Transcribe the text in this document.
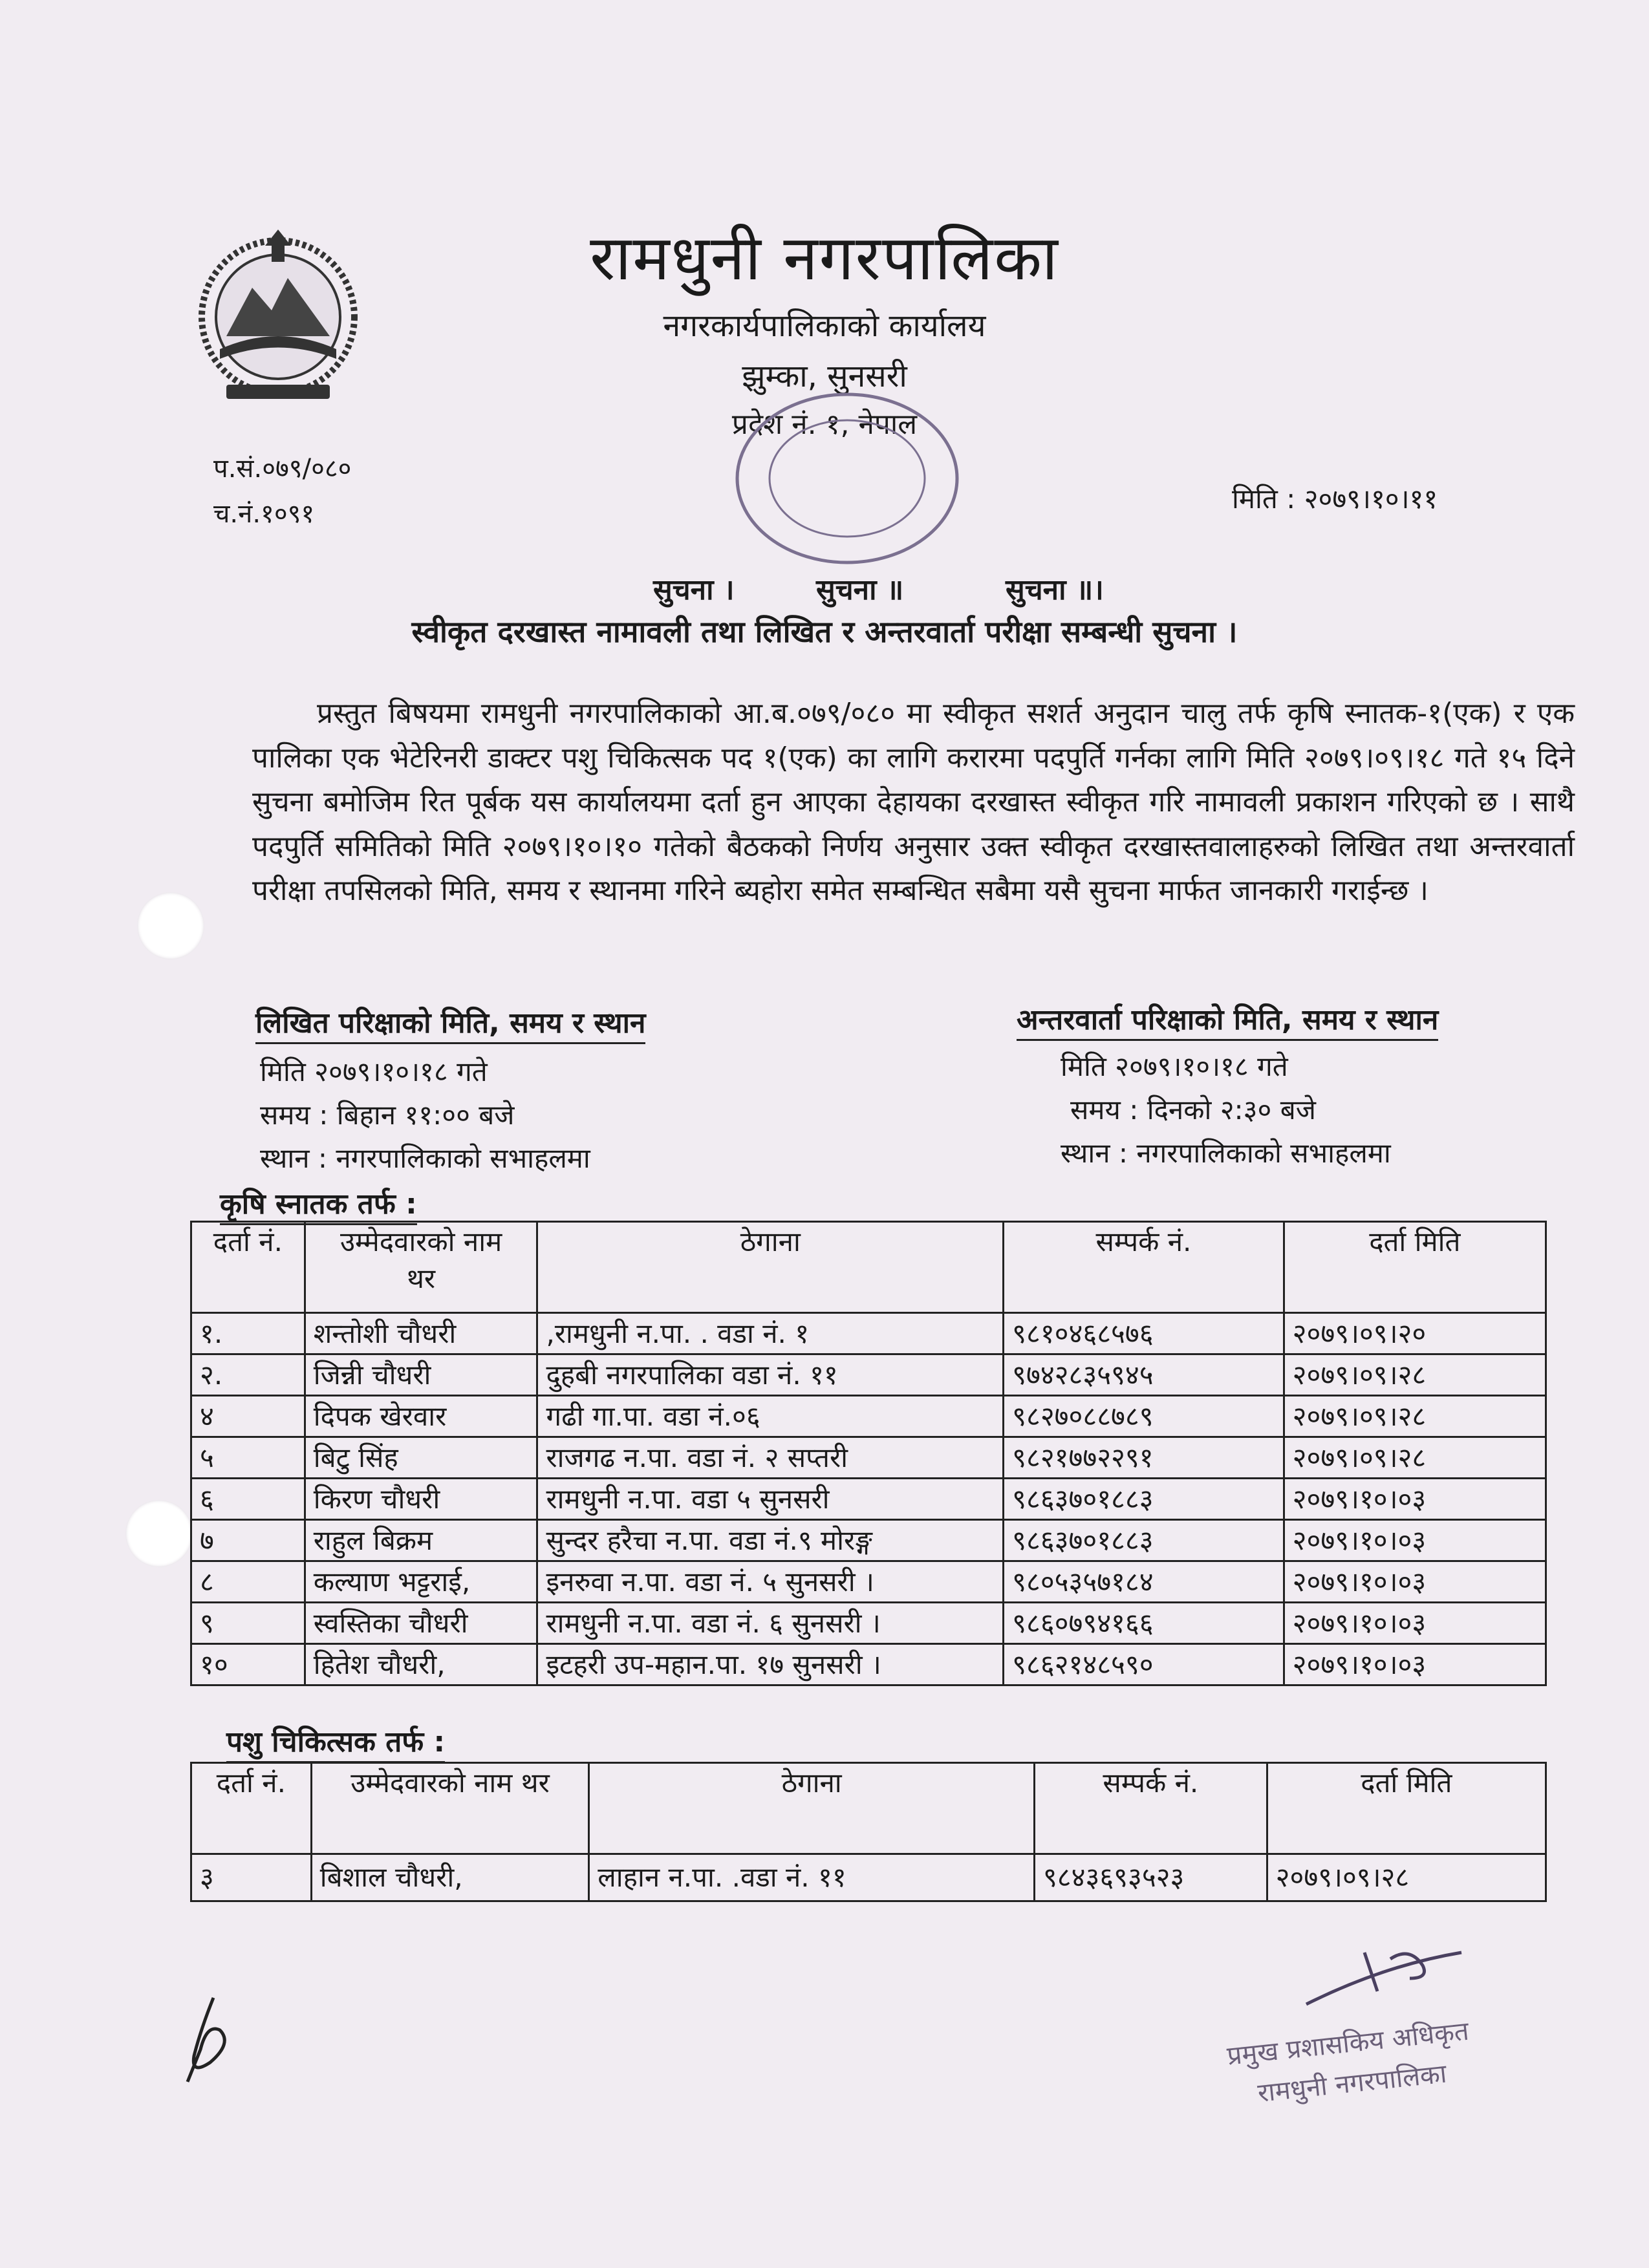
रामधुनी नगरपालिका
नगरकार्यपालिकाको कार्यालय
झुम्का, सुनसरी
प्रदेश नं. १, नेपाल
प.सं.०७९/०८०
च.नं.१०९१	मिति : २०७९।१०।११
सुचना ।	सुचना ॥	सुचना ॥।
स्वीकृत दरखास्त नामावली तथा लिखित र अन्तरवार्ता परीक्षा सम्बन्धी सुचना ।
प्रस्तुत बिषयमा रामधुनी नगरपालिकाको आ.ब.०७९/०८० मा स्वीकृत सशर्त अनुदान चालु तर्फ कृषि स्नातक-१(एक) र एक पालिका एक भेटेरिनरी डाक्टर पशु चिकित्सक पद १(एक) का लागि करारमा पदपुर्ति गर्नका लागि मिति २०७९।०९।१८ गते १५ दिने सुचना बमोजिम रित पूर्बक यस कार्यालयमा दर्ता हुन आएका देहायका दरखास्त स्वीकृत गरि नामावली प्रकाशन गरिएको छ । साथै पदपुर्ति समितिको मिति २०७९।१०।१० गतेको बैठकको निर्णय अनुसार उक्त स्वीकृत दरखास्तवालाहरुको लिखित तथा अन्तरवार्ता परीक्षा तपसिलको मिति, समय र स्थानमा गरिने ब्यहोरा समेत सम्बन्धित सबैमा यसै सुचना मार्फत जानकारी गराईन्छ ।
लिखित परिक्षाको मिति, समय र स्थान
मिति २०७९।१०।१८ गते
समय : बिहान ११:०० बजे
स्थान : नगरपालिकाको सभाहलमा
अन्तरवार्ता परिक्षाको मिति, समय र स्थान
मिति २०७९।१०।१८ गते
समय : दिनको २:३० बजे
स्थान : नगरपालिकाको सभाहलमा
कृषि स्नातक तर्फ :
दर्ता नं.	उम्मेदवारको नाम थर	ठेगाना	सम्पर्क नं.	दर्ता मिति
१.	शन्तोशी चौधरी	,रामधुनी न.पा. . वडा नं. १	९८१०४६८५७६	२०७९।०९।२०
२.	जिन्नी चौधरी	दुहबी नगरपालिका वडा नं. ११	९७४२८३५९४५	२०७९।०९।२८
४	दिपक खेरवार	गढी गा.पा. वडा नं.०६	९८२७०८८७८९	२०७९।०९।२८
५	बिटु सिंह	राजगढ न.पा. वडा नं. २ सप्तरी	९८२१७७२२९१	२०७९।०९।२८
६	किरण चौधरी	रामधुनी न.पा. वडा ५ सुनसरी	९८६३७०१८८३	२०७९।१०।०३
७	राहुल बिक्रम	सुन्दर हरैचा न.पा. वडा नं.९ मोरङ्ग	९८६३७०१८८३	२०७९।१०।०३
८	कल्याण भट्टराई,	इनरुवा न.पा. वडा नं. ५ सुनसरी ।	९८०५३५७१८४	२०७९।१०।०३
९	स्वस्तिका चौधरी	रामधुनी न.पा. वडा नं. ६ सुनसरी ।	९८६०७९४१६६	२०७९।१०।०३
१०	हितेश चौधरी,	इटहरी उप-महान.पा. १७ सुनसरी ।	९८६२१४८५९०	२०७९।१०।०३
पशु चिकित्सक तर्फ :
दर्ता नं.	उम्मेदवारको नाम थर	ठेगाना	सम्पर्क नं.	दर्ता मिति
३	बिशाल चौधरी,	लाहान न.पा. .वडा नं. ११	९८४३६९३५२३	२०७९।०९।२८
प्रमुख प्रशासकिय अधिकृत
रामधुनी नगरपालिका
